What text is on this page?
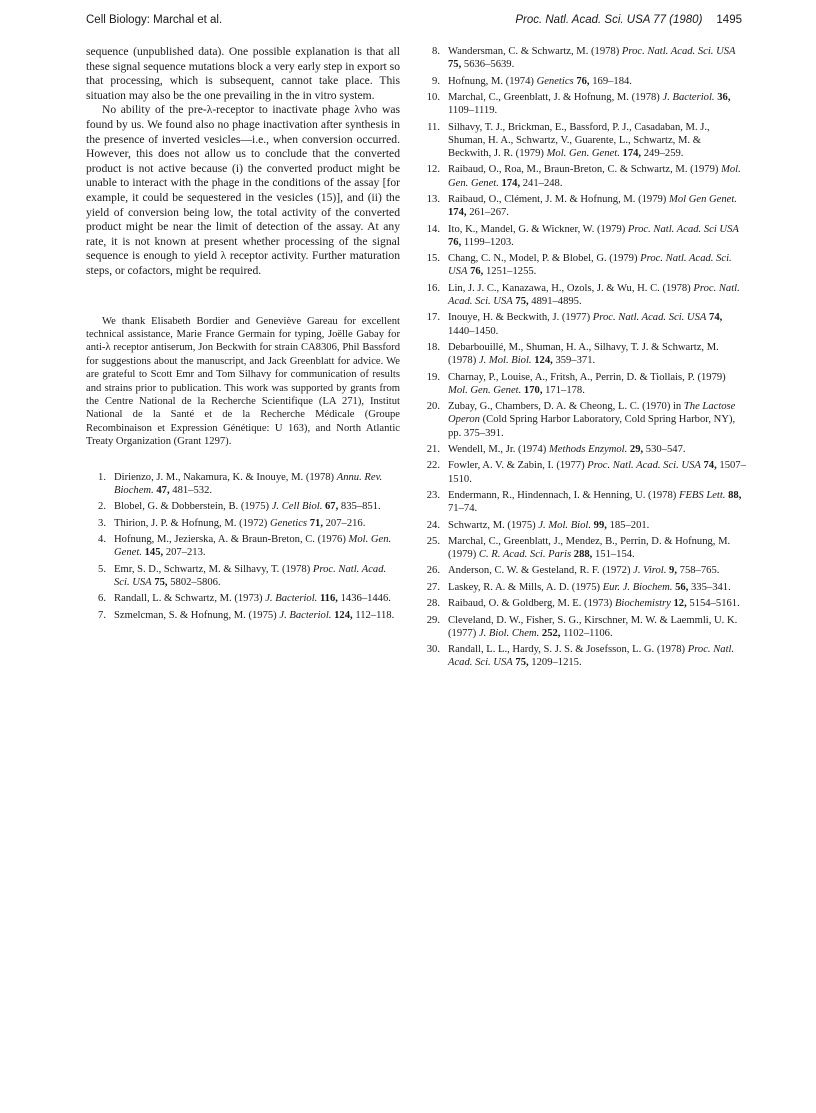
Cell Biology: Marchal et al.	Proc. Natl. Acad. Sci. USA 77 (1980) 1495

sequence (unpublished data). One possible explanation is that all these signal sequence mutations block a very early step in export so that processing, which is subsequent, cannot take place. This situation may also be the one prevailing in the in vitro system.

No ability of the pre-λ-receptor to inactivate phage λvho was found by us. We found also no phage inactivation after synthesis in the presence of inverted vesicles—i.e., when conversion occurred. However, this does not allow us to conclude that the converted product is not active because (i) the converted product might be unable to interact with the phage in the conditions of the assay [for example, it could be sequestered in the vesicles (15)], and (ii) the yield of conversion being low, the total activity of the converted product might be near the limit of detection of the assay. At any rate, it is not known at present whether processing of the signal sequence is enough to yield λ receptor activity. Further maturation steps, or cofactors, might be required.

We thank Elisabeth Bordier and Geneviève Gareau for excellent technical assistance, Marie France Germain for typing, Joëlle Gabay for anti-λ receptor antiserum, Jon Beckwith for strain CA8306, Phil Bassford for suggestions about the manuscript, and Jack Greenblatt for advice. We are grateful to Scott Emr and Tom Silhavy for communication of results and strains prior to publication. This work was supported by grants from the Centre National de la Recherche Scientifique (LA 271), Institut National de la Santé et de la Recherche Médicale (Groupe Recombinaison et Expression Génétique: U 163), and North Atlantic Treaty Organization (Grant 1297).

1. Dirienzo, J. M., Nakamura, K. & Inouye, M. (1978) Annu. Rev. Biochem. 47, 481–532.
2. Blobel, G. & Dobberstein, B. (1975) J. Cell Biol. 67, 835–851.
3. Thirion, J. P. & Hofnung, M. (1972) Genetics 71, 207–216.
4. Hofnung, M., Jezierska, A. & Braun-Breton, C. (1976) Mol. Gen. Genet. 145, 207–213.
5. Emr, S. D., Schwartz, M. & Silhavy, T. (1978) Proc. Natl. Acad. Sci. USA 75, 5802–5806.
6. Randall, L. & Schwartz, M. (1973) J. Bacteriol. 116, 1436–1446.
7. Szmelcman, S. & Hofnung, M. (1975) J. Bacteriol. 124, 112–118.
8. Wandersman, C. & Schwartz, M. (1978) Proc. Natl. Acad. Sci. USA 75, 5636–5639.
9. Hofnung, M. (1974) Genetics 76, 169–184.
10. Marchal, C., Greenblatt, J. & Hofnung, M. (1978) J. Bacteriol. 36, 1109–1119.
11. Silhavy, T. J., Brickman, E., Bassford, P. J., Casadaban, M. J., Shuman, H. A., Schwartz, V., Guarente, L., Schwartz, M. & Beckwith, J. R. (1979) Mol. Gen. Genet. 174, 249–259.
12. Raibaud, O., Roa, M., Braun-Breton, C. & Schwartz, M. (1979) Mol. Gen. Genet. 174, 241–248.
13. Raibaud, O., Clément, J. M. & Hofnung, M. (1979) Mol Gen Genet. 174, 261–267.
14. Ito, K., Mandel, G. & Wickner, W. (1979) Proc. Natl. Acad. Sci USA 76, 1199–1203.
15. Chang, C. N., Model, P. & Blobel, G. (1979) Proc. Natl. Acad. Sci. USA 76, 1251–1255.
16. Lin, J. J. C., Kanazawa, H., Ozols, J. & Wu, H. C. (1978) Proc. Natl. Acad. Sci. USA 75, 4891–4895.
17. Inouye, H. & Beckwith, J. (1977) Proc. Natl. Acad. Sci. USA 74, 1440–1450.
18. Debarbouillé, M., Shuman, H. A., Silhavy, T. J. & Schwartz, M. (1978) J. Mol. Biol. 124, 359–371.
19. Charnay, P., Louise, A., Fritsh, A., Perrin, D. & Tiollais, P. (1979) Mol. Gen. Genet. 170, 171–178.
20. Zubay, G., Chambers, D. A. & Cheong, L. C. (1970) in The Lactose Operon (Cold Spring Harbor Laboratory, Cold Spring Harbor, NY), pp. 375–391.
21. Wendell, M., Jr. (1974) Methods Enzymol. 29, 530–547.
22. Fowler, A. V. & Zabin, I. (1977) Proc. Natl. Acad. Sci. USA 74, 1507–1510.
23. Endermann, R., Hindennach, I. & Henning, U. (1978) FEBS Lett. 88, 71–74.
24. Schwartz, M. (1975) J. Mol. Biol. 99, 185–201.
25. Marchal, C., Greenblatt, J., Mendez, B., Perrin, D. & Hofnung, M. (1979) C. R. Acad. Sci. Paris 288, 151–154.
26. Anderson, C. W. & Gesteland, R. F. (1972) J. Virol. 9, 758–765.
27. Laskey, R. A. & Mills, A. D. (1975) Eur. J. Biochem. 56, 335–341.
28. Raibaud, O. & Goldberg, M. E. (1973) Biochemistry 12, 5154–5161.
29. Cleveland, D. W., Fisher, S. G., Kirschner, M. W. & Laemmli, U. K. (1977) J. Biol. Chem. 252, 1102–1106.
30. Randall, L. L., Hardy, S. J. S. & Josefsson, L. G. (1978) Proc. Natl. Acad. Sci. USA 75, 1209–1215.
